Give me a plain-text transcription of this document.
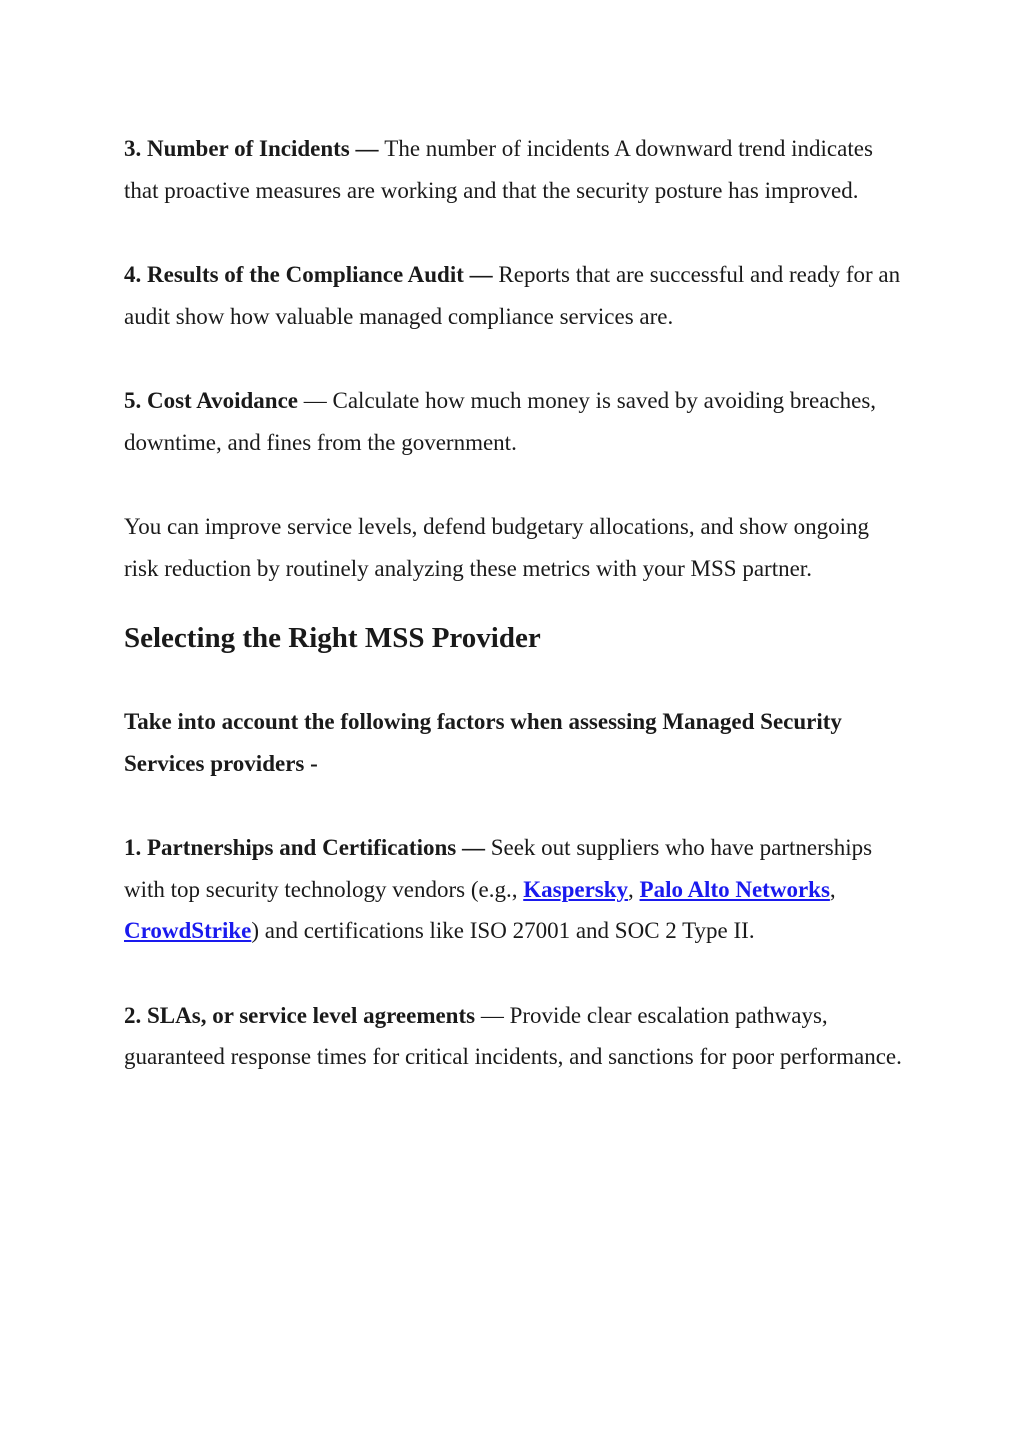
3. Number of Incidents — The number of incidents A downward trend indicates that proactive measures are working and that the security posture has improved.

4. Results of the Compliance Audit — Reports that are successful and ready for an audit show how valuable managed compliance services are.

5. Cost Avoidance — Calculate how much money is saved by avoiding breaches, downtime, and fines from the government.

You can improve service levels, defend budgetary allocations, and show ongoing risk reduction by routinely analyzing these metrics with your MSS partner.

Selecting the Right MSS Provider

Take into account the following factors when assessing Managed Security Services providers -

1. Partnerships and Certifications — Seek out suppliers who have partnerships with top security technology vendors (e.g., Kaspersky, Palo Alto Networks, CrowdStrike) and certifications like ISO 27001 and SOC 2 Type II.

2. SLAs, or service level agreements — Provide clear escalation pathways, guaranteed response times for critical incidents, and sanctions for poor performance.
